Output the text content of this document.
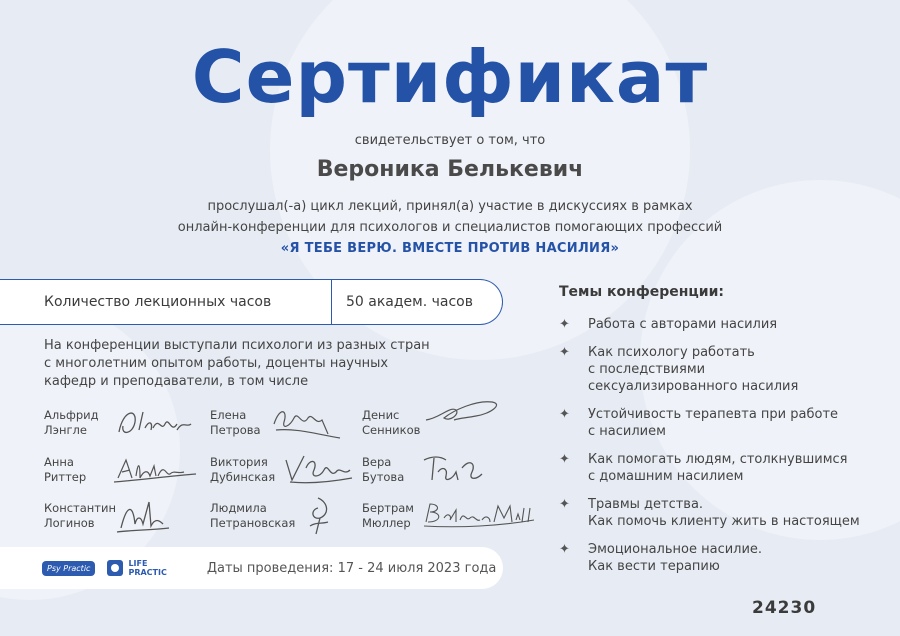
Сертификат
свидетельствует о том, что
Вероника Белькевич
прослушал(-а) цикл лекций, принял(а) участие в дискуссиях в рамках
онлайн-конференции для психологов и специалистов помогающих профессий
«Я ТЕБЕ ВЕРЮ. ВМЕСТЕ ПРОТИВ НАСИЛИЯ»
Количество лекционных часов	50 академ. часов
На конференции выступали психологи из разных стран
с многолетним опытом работы, доценты научных
кафедр и преподаватели, в том числе
Альфрид
Лэнгле
Елена
Петрова
Денис
Сенников
Анна
Риттер
Виктория
Дубинская
Вера
Бутова
Константин
Логинов
Людмила
Петрановская
Бертрам
Мюллер
Темы конференции:
✦	Работа с авторами насилия
✦	Как психологу работать
с последствиями
сексуализированного насилия
✦	Устойчивость терапевта при работе
с насилием
✦	Как помогать людям, столкнувшимся
с домашним насилием
✦	Травмы детства.
Как помочь клиенту жить в настоящем
✦	Эмоциональное насилие.
Как вести терапию
Psy Practic	LIFE
PRACTIC	Даты проведения: 17 - 24 июля 2023 года
24230
